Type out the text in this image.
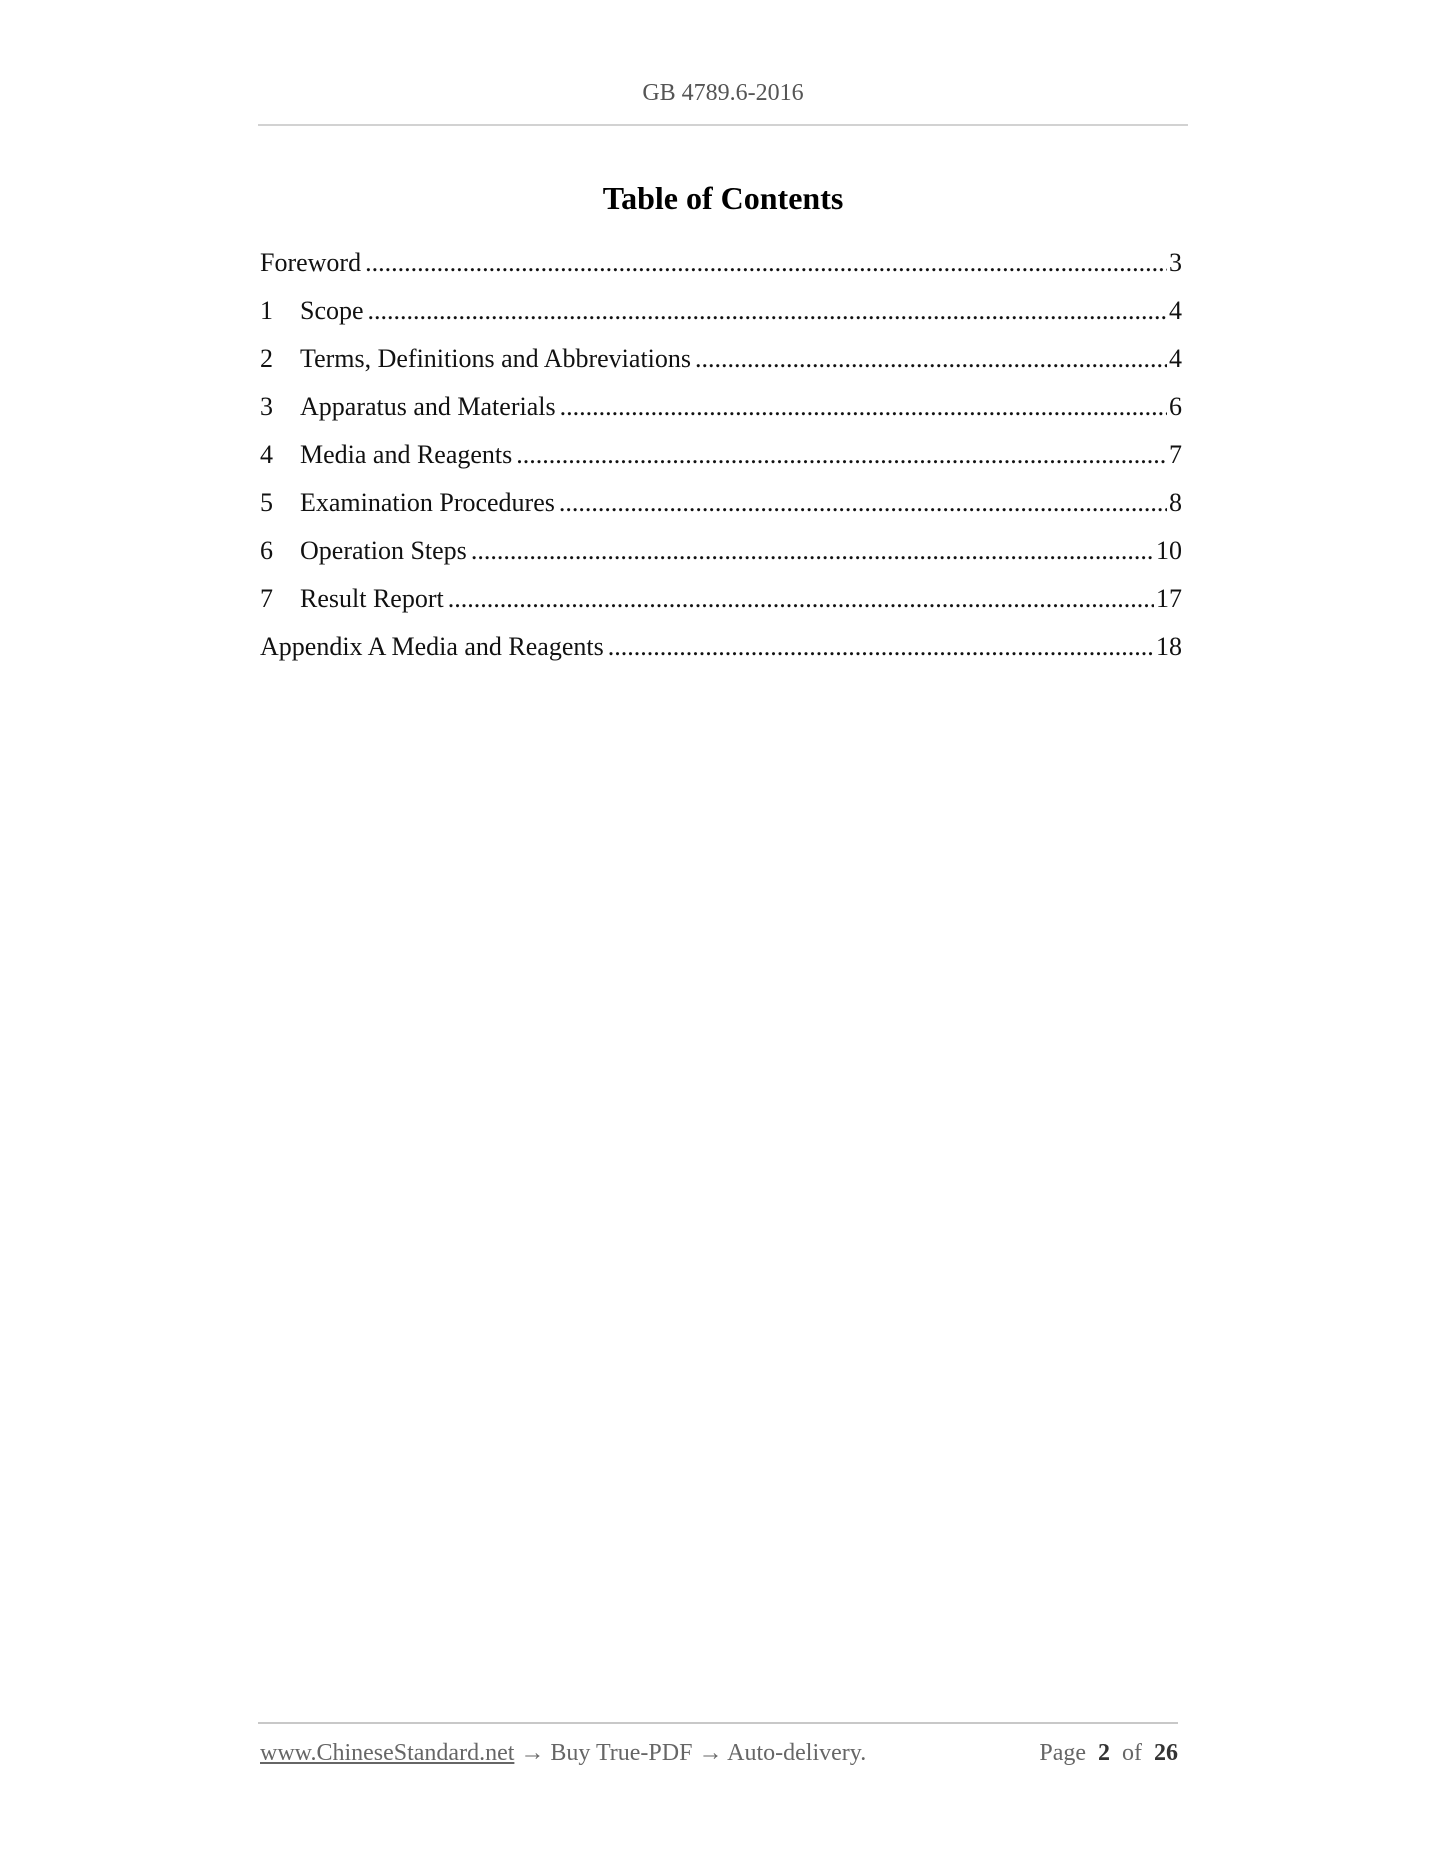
GB 4789.6-2016
Table of Contents
Foreword .....	3
1	Scope .....	4
2	Terms, Definitions and Abbreviations .....	4
3	Apparatus and Materials .....	6
4	Media and Reagents .....	7
5	Examination Procedures .....	8
6	Operation Steps .....	10
7	Result Report .....	17
Appendix A Media and Reagents .....	18
www.ChineseStandard.net → Buy True-PDF → Auto-delivery.	Page 2 of 26
